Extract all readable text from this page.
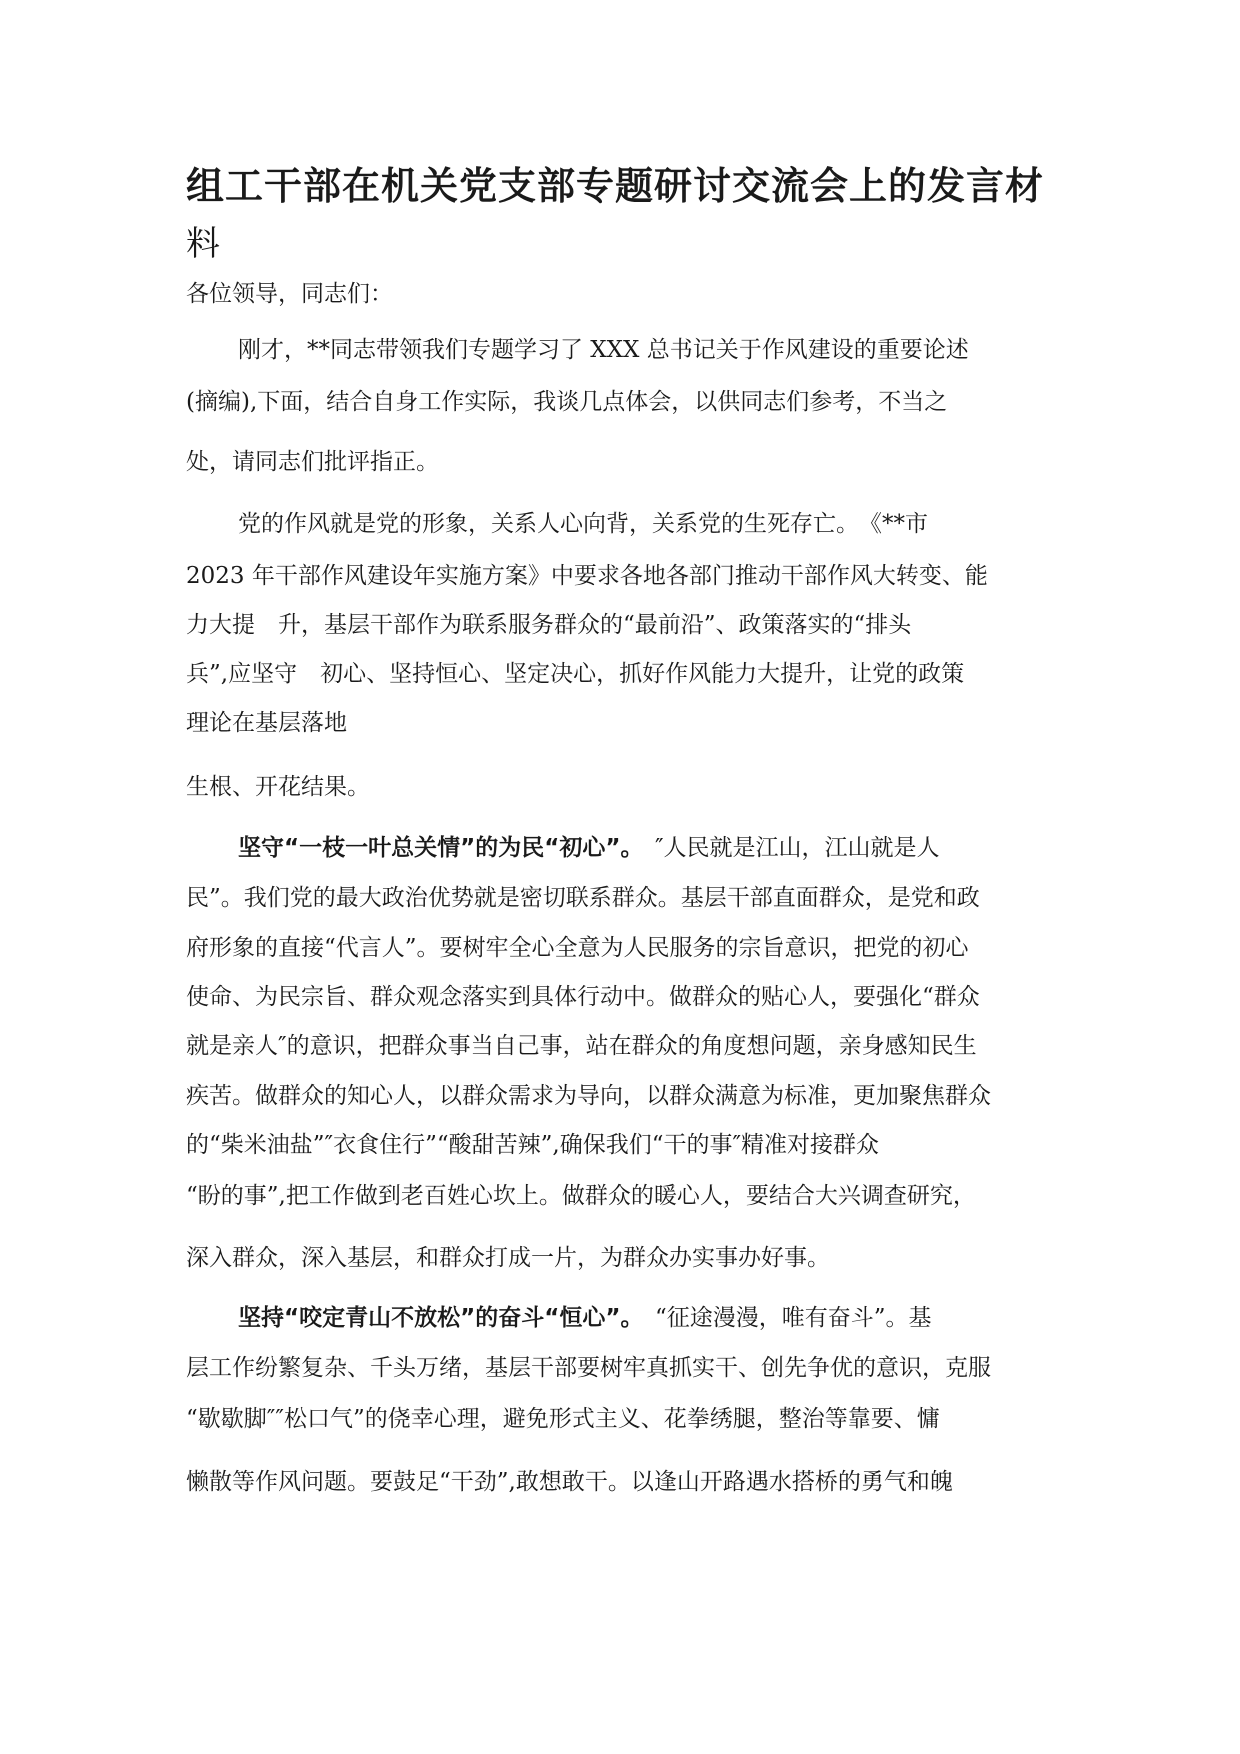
组工干部在机关党支部专题研讨交流会上的发言材
料

各位领导，同志们：

刚才，**同志带领我们专题学习了 XXX 总书记关于作风建设的重要论述

(摘编),下面，结合自身工作实际，我谈几点体会，以供同志们参考，不当之

处，请同志们批评指正。

党的作风就是党的形象，关系人心向背，关系党的生死存亡。　《**市

2023 年干部作风建设年实施方案》中要求各地各部门推动干部作风大转变、能

力大提　升，基层干部作为联系服务群众的“最前沿”、政策落实的“排头

兵”,应坚守　初心、坚持恒心、坚定决心，抓好作风能力大提升，让党的政策

理论在基层落地

生根、开花结果。

坚守“一枝一叶总关情”的为民“初心”。　″人民就是江山，江山就是人

民”。我们党的最大政治优势就是密切联系群众。基层干部直面群众，是党和政

府形象的直接“代言人”。要树牢全心全意为人民服务的宗旨意识，把党的初心

使命、为民宗旨、群众观念落实到具体行动中。做群众的贴心人，要强化“群众

就是亲人″的意识，把群众事当自己事，站在群众的角度想问题，亲身感知民生

疾苦。做群众的知心人，以群众需求为导向，以群众满意为标准，更加聚焦群众

的“柴米油盐”″衣食住行”“酸甜苦辣”,确保我们“干的事″精准对接群众

“盼的事”,把工作做到老百姓心坎上。做群众的暖心人，要结合大兴调查研究，

深入群众，深入基层，和群众打成一片，为群众办实事办好事。

坚持“咬定青山不放松”的奋斗“恒心”。　“征途漫漫，唯有奋斗”。基

层工作纷繁复杂、千头万绪，基层干部要树牢真抓实干、创先争优的意识，克服

“歇歇脚″″松口气”的侥幸心理，避免形式主义、花拳绣腿，整治等靠要、慵

懒散等作风问题。要鼓足“干劲”,敢想敢干。以逢山开路遇水搭桥的勇气和魄
